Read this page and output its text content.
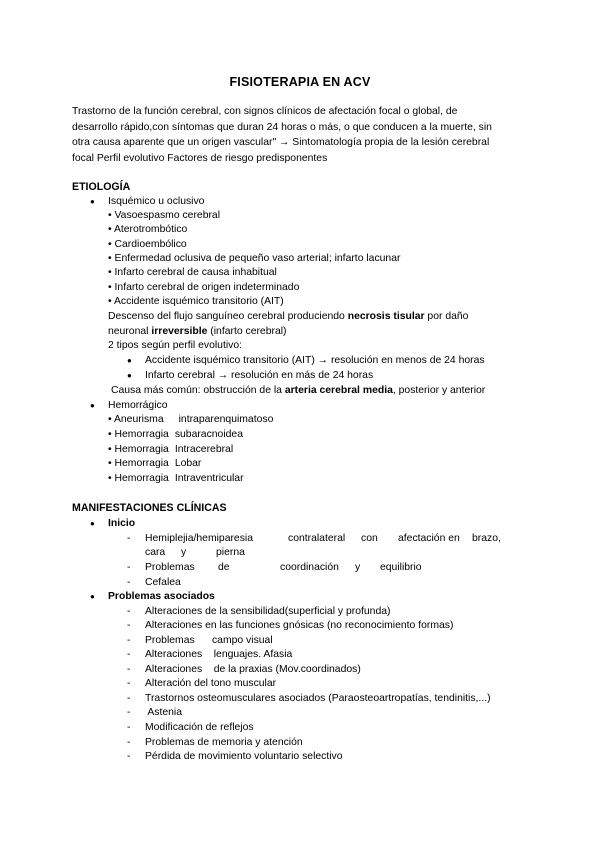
FISIOTERAPIA EN ACV
Trastorno de la función cerebral, con signos clínicos de afectación focal o global, de
desarrollo rápido,con síntomas que duran 24 horas o más, o que conducen a la muerte, sin
otra causa aparente que un origen vascular" → Sintomatología propia de la lesión cerebral
focal Perfil evolutivo Factores de riesgo predisponentes
ETIOLOGÍA
● Isquémico u oclusivo
• Vasoespasmo cerebral
• Aterotrombótico
• Cardioembólico
• Enfermedad oclusiva de pequeño vaso arterial; infarto lacunar
• Infarto cerebral de causa inhabitual
• Infarto cerebral de origen indeterminado
• Accidente isquémico transitorio (AIT)
Descenso del flujo sanguíneo cerebral produciendo necrosis tisular por daño
neuronal irreversible (infarto cerebral)
2 tipos según perfil evolutivo:
● Accidente isquémico transitorio (AIT) → resolución en menos de 24 horas
● Infarto cerebral → resolución en más de 24 horas
Causa más común: obstrucción de la arteria cerebral media, posterior y anterior
● Hemorrágico
• Aneurisma intraparenquimatoso
• Hemorragia subaracnoidea
• Hemorragia Intracerebral
• Hemorragia Lobar
• Hemorragia Intraventricular
MANIFESTACIONES CLÍNICAS
● Inicio
Hemiplejia/hemiparesia	contralateral con afectación en brazo,
cara y	pierna
Problemas de	coordinación y equilibrio
- Cefalea
● Problemas asociados
- Alteraciones de la sensibilidad(superficial y profunda)
- Alteraciones en las funciones gnósicas (no reconocimiento formas)
- Problemas      campo visual
- Alteraciones    lenguajes. Afasia
- Alteraciones    de la praxias (Mov.coordinados)
- Alteración del tono muscular
- Trastornos osteomusculares asociados (Paraosteoartropatías, tendinitis,...)
-  Astenia
- Modificación de reflejos
- Problemas de memoria y atención
- Pérdida de movimiento voluntario selectivo
